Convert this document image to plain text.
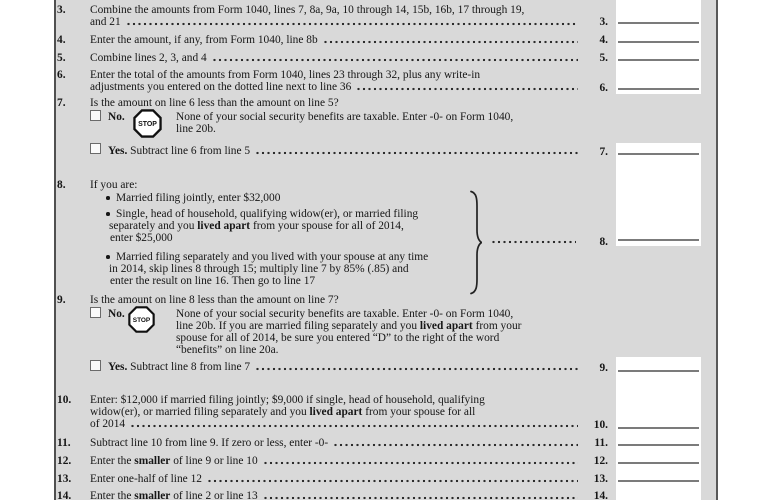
3. Combine the amounts from Form 1040, lines 7, 8a, 9a, 10 through 14, 15b, 16b, 17 through 19,
and 21	3.
4. Enter the amount, if any, from Form 1040, line 8b	4.
5. Combine lines 2, 3, and 4	5.
6. Enter the total of the amounts from Form 1040, lines 23 through 32, plus any write-in
adjustments you entered on the dotted line next to line 36	6.
7. Is the amount on line 6 less than the amount on line 5?
No.
STOP
None of your social security benefits are taxable. Enter -0- on Form 1040,
line 20b.
Yes. Subtract line 6 from line 5	7.
8. If you are:
Married filing jointly, enter $32,000
Single, head of household, qualifying widow(er), or married filing
separately and you lived apart from your spouse for all of 2014,
enter $25,000
Married filing separately and you lived with your spouse at any time
in 2014, skip lines 8 through 15; multiply line 7 by 85% (.85) and
enter the result on line 16. Then go to line 17
8.
9. Is the amount on line 8 less than the amount on line 7?
No.
STOP
None of your social security benefits are taxable. Enter -0- on Form 1040,
line 20b. If you are married filing separately and you lived apart from your
spouse for all of 2014, be sure you entered “D” to the right of the word
“benefits” on line 20a.
Yes. Subtract line 8 from line 7	9.
10. Enter: $12,000 if married filing jointly; $9,000 if single, head of household, qualifying
widow(er), or married filing separately and you lived apart from your spouse for all
of 2014	10.
11. Subtract line 10 from line 9. If zero or less, enter -0-	11.
12. Enter the smaller of line 9 or line 10	12.
13. Enter one-half of line 12	13.
14. Enter the smaller of line 2 or line 13	14.
